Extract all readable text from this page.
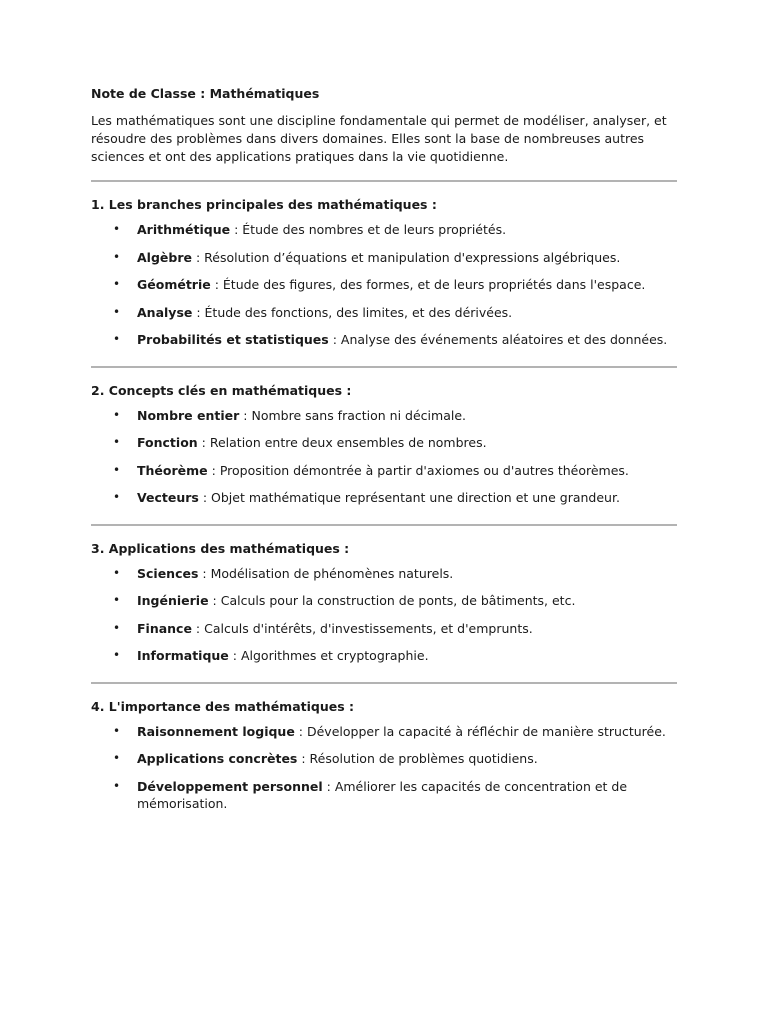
Note de Classe : Mathématiques
Les mathématiques sont une discipline fondamentale qui permet de modéliser, analyser, et résoudre des problèmes dans divers domaines. Elles sont la base de nombreuses autres sciences et ont des applications pratiques dans la vie quotidienne.
1. Les branches principales des mathématiques :
• Arithmétique : Étude des nombres et de leurs propriétés.
• Algèbre : Résolution d’équations et manipulation d'expressions algébriques.
• Géométrie : Étude des figures, des formes, et de leurs propriétés dans l'espace.
• Analyse : Étude des fonctions, des limites, et des dérivées.
• Probabilités et statistiques : Analyse des événements aléatoires et des données.
2. Concepts clés en mathématiques :
• Nombre entier : Nombre sans fraction ni décimale.
• Fonction : Relation entre deux ensembles de nombres.
• Théorème : Proposition démontrée à partir d'axiomes ou d'autres théorèmes.
• Vecteurs : Objet mathématique représentant une direction et une grandeur.
3. Applications des mathématiques :
• Sciences : Modélisation de phénomènes naturels.
• Ingénierie : Calculs pour la construction de ponts, de bâtiments, etc.
• Finance : Calculs d'intérêts, d'investissements, et d'emprunts.
• Informatique : Algorithmes et cryptographie.
4. L'importance des mathématiques :
• Raisonnement logique : Développer la capacité à réfléchir de manière structurée.
• Applications concrètes : Résolution de problèmes quotidiens.
• Développement personnel : Améliorer les capacités de concentration et de mémorisation.
